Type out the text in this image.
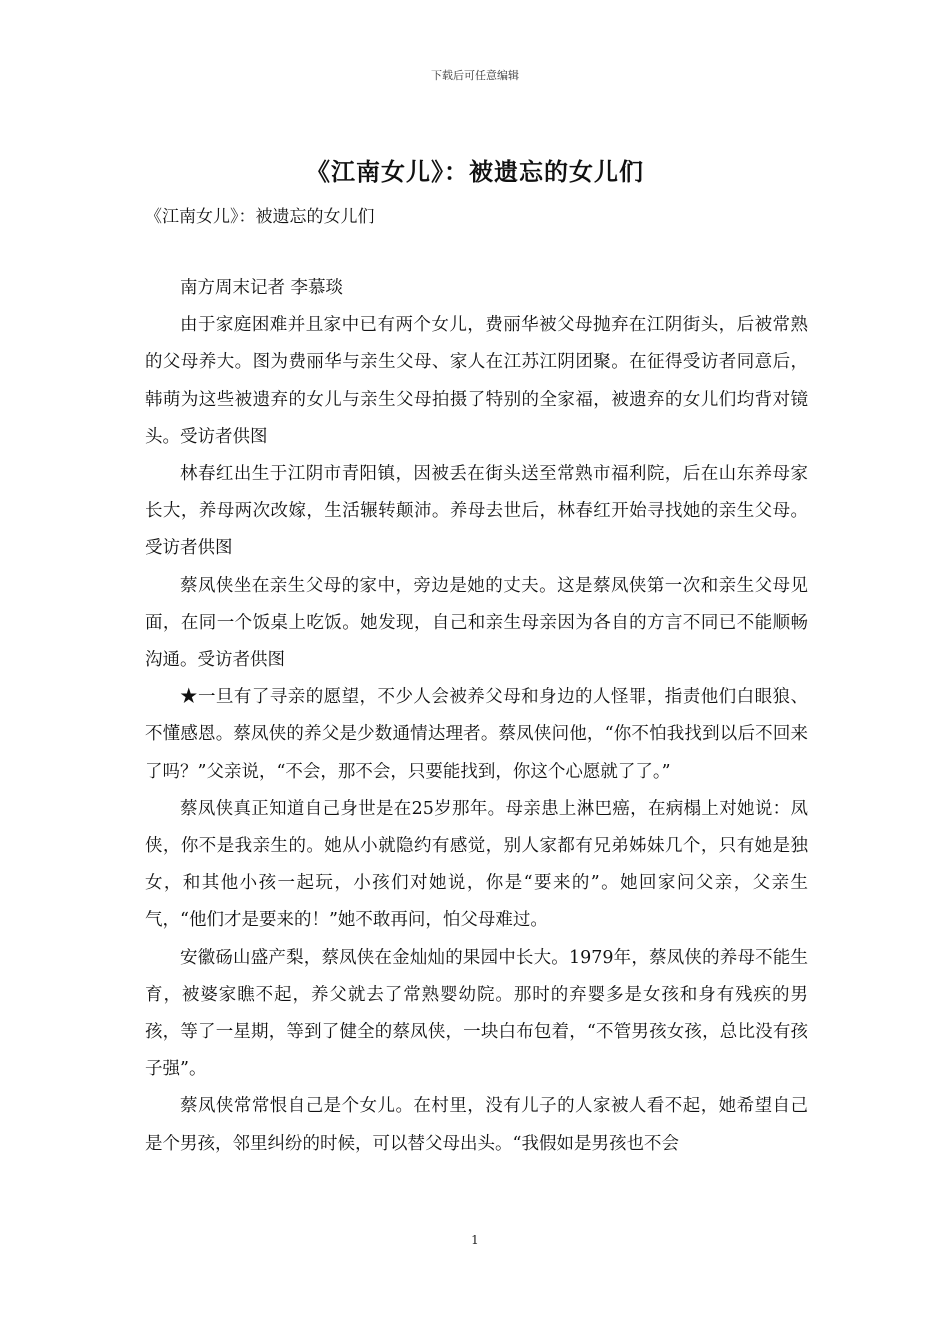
下载后可任意编辑
《江南女儿》：被遗忘的女儿们
《江南女儿》：被遗忘的女儿们

南方周末记者 李慕琰

由于家庭困难并且家中已有两个女儿，费丽华被父母抛弃在江阴街头，后被常熟的父母养大。图为费丽华与亲生父母、家人在江苏江阴团聚。在征得受访者同意后，韩萌为这些被遗弃的女儿与亲生父母拍摄了特别的全家福，被遗弃的女儿们均背对镜头。受访者供图

林春红出生于江阴市青阳镇，因被丢在街头送至常熟市福利院，后在山东养母家长大，养母两次改嫁，生活辗转颠沛。养母去世后，林春红开始寻找她的亲生父母。受访者供图

蔡凤侠坐在亲生父母的家中，旁边是她的丈夫。这是蔡凤侠第一次和亲生父母见面，在同一个饭桌上吃饭。她发现，自己和亲生母亲因为各自的方言不同已不能顺畅沟通。受访者供图

★一旦有了寻亲的愿望，不少人会被养父母和身边的人怪罪，指责他们白眼狼、不懂感恩。蔡凤侠的养父是少数通情达理者。蔡凤侠问他，“你不怕我找到以后不回来了吗？”父亲说，“不会，那不会，只要能找到，你这个心愿就了了。”

蔡凤侠真正知道自己身世是在25岁那年。母亲患上淋巴癌，在病榻上对她说：凤侠，你不是我亲生的。她从小就隐约有感觉，别人家都有兄弟姊妹几个，只有她是独女，和其他小孩一起玩，小孩们对她说，你是“要来的”。她回家问父亲，父亲生气，“他们才是要来的！”她不敢再问，怕父母难过。

安徽砀山盛产梨，蔡凤侠在金灿灿的果园中长大。1979年，蔡凤侠的养母不能生育，被婆家瞧不起，养父就去了常熟婴幼院。那时的弃婴多是女孩和身有残疾的男孩，等了一星期，等到了健全的蔡凤侠，一块白布包着，“不管男孩女孩，总比没有孩子强”。

蔡凤侠常常恨自己是个女儿。在村里，没有儿子的人家被人看不起，她希望自己是个男孩，邻里纠纷的时候，可以替父母出头。“我假如是男孩也不会

1
